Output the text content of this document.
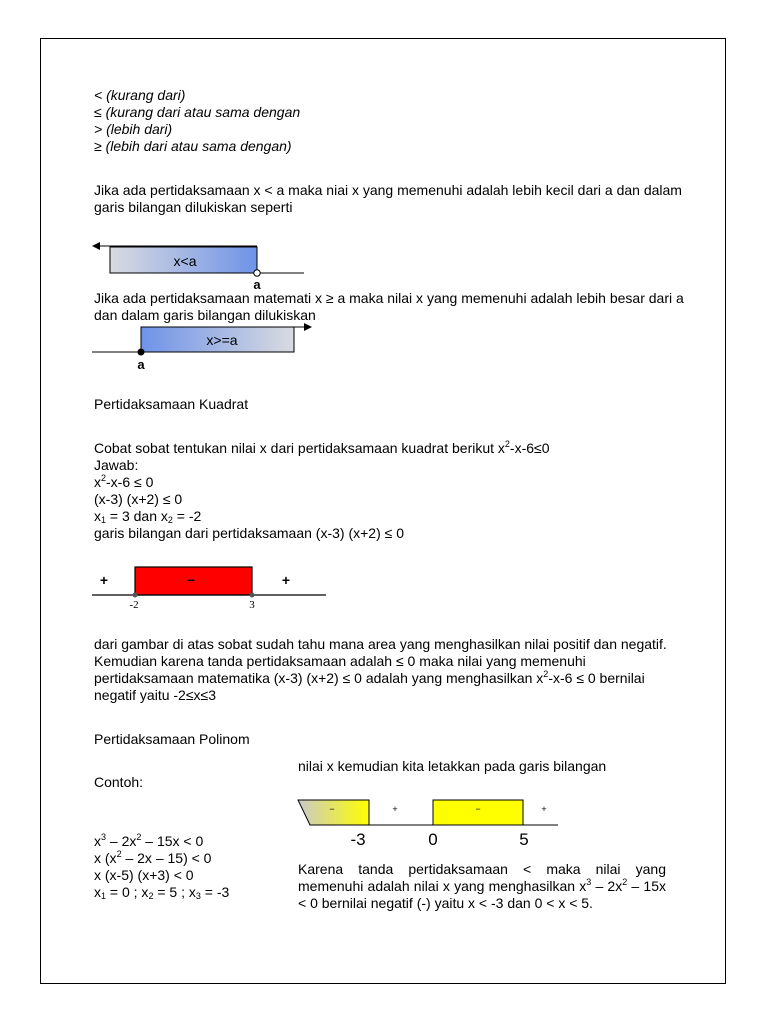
< (kurang dari)
≤ (kurang dari atau sama dengan
> (lebih dari)
≥ (lebih dari atau sama dengan)
Jika ada pertidaksamaan x < a maka niai x yang memenuhi adalah lebih kecil dari a dan dalam garis bilangan dilukiskan seperti
x<a
a
Jika ada pertidaksamaan matemati x ≥ a maka nilai x yang memenuhi adalah lebih besar dari a dan dalam garis bilangan dilukiskan
x>=a
a
Pertidaksamaan Kuadrat
Cobat sobat tentukan nilai x dari pertidaksamaan kuadrat berikut $x^2-x-6\le 0$
Jawab:
$x^2-x-6 \le 0$
(x-3) (x+2) ≤ 0
$x_1 = 3$ dan $x_2 = -2$
garis bilangan dari pertidaksamaan (x-3) (x+2) ≤ 0
+	−	+
-2	3
dari gambar di atas sobat sudah tahu mana area yang menghasilkan nilai positif dan negatif. Kemudian karena tanda pertidaksamaan adalah ≤ 0 maka nilai yang memenuhi pertidaksamaan matematika (x-3) (x+2) ≤ 0 adalah yang menghasilkan $x^2-x-6 \le 0$ bernilai negatif yaitu -2≤x≤3
Pertidaksamaan Polinom
nilai x kemudian kita letakkan pada garis bilangan
Contoh:
−	+	−	+
-3	0	5
$x^3 - 2x^2 - 15x < 0$
x $(x^2 - 2x - 15) < 0$
x (x-5) (x+3) < 0
$x_1 = 0$ ; $x_2 = 5$ ; $x_3 = -3$
Karena tanda pertidaksamaan < maka nilai yang memenuhi adalah nilai x yang menghasilkan $x^3 - 2x^2 - 15x < 0$ bernilai negatif (-) yaitu x < -3 dan 0 < x < 5.
